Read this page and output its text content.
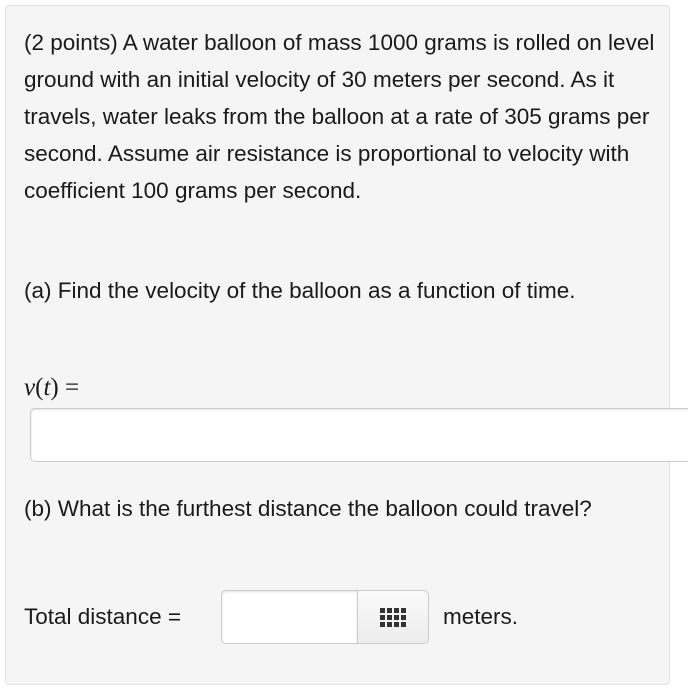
(2 points) A water balloon of mass 1000 grams is rolled on level ground with an initial velocity of 30 meters per second. As it travels, water leaks from the balloon at a rate of 305 grams per second. Assume air resistance is proportional to velocity with coefficient 100 grams per second.

(a) Find the velocity of the balloon as a function of time.
v(t) =
(b) What is the furthest distance the balloon could travel?
Total distance =	meters.
